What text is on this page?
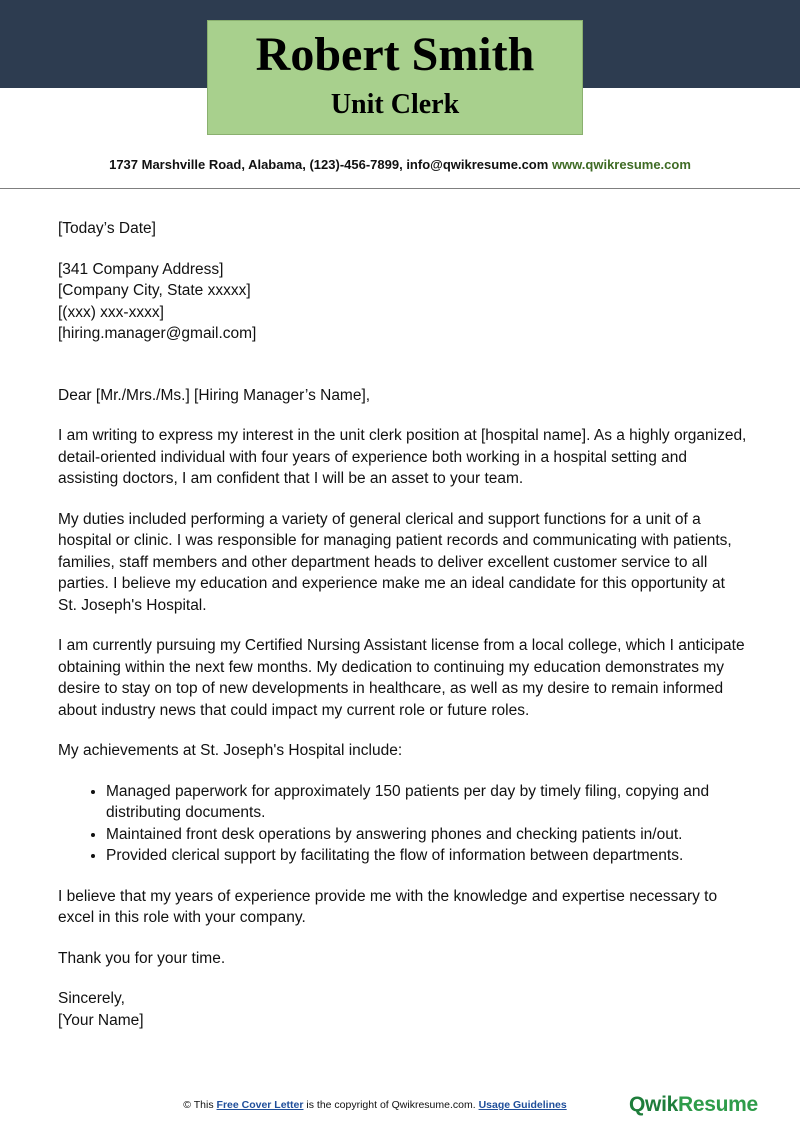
Robert Smith
Unit Clerk
1737 Marshville Road, Alabama, (123)-456-7899, info@qwikresume.com www.qwikresume.com

[Today’s Date]

[341 Company Address]
[Company City, State xxxxx]
[(xxx) xxx-xxxx]
[hiring.manager@gmail.com]

Dear [Mr./Mrs./Ms.] [Hiring Manager’s Name],

I am writing to express my interest in the unit clerk position at [hospital name]. As a highly organized, detail-oriented individual with four years of experience both working in a hospital setting and assisting doctors, I am confident that I will be an asset to your team.

My duties included performing a variety of general clerical and support functions for a unit of a hospital or clinic. I was responsible for managing patient records and communicating with patients, families, staff members and other department heads to deliver excellent customer service to all parties. I believe my education and experience make me an ideal candidate for this opportunity at St. Joseph's Hospital.

I am currently pursuing my Certified Nursing Assistant license from a local college, which I anticipate obtaining within the next few months. My dedication to continuing my education demonstrates my desire to stay on top of new developments in healthcare, as well as my desire to remain informed about industry news that could impact my current role or future roles.

My achievements at St. Joseph's Hospital include:

• Managed paperwork for approximately 150 patients per day by timely filing, copying and distributing documents.
• Maintained front desk operations by answering phones and checking patients in/out.
• Provided clerical support by facilitating the flow of information between departments.

I believe that my years of experience provide me with the knowledge and expertise necessary to excel in this role with your company.

Thank you for your time.

Sincerely,
[Your Name]
© This Free Cover Letter is the copyright of Qwikresume.com. Usage Guidelines	QwikResume
